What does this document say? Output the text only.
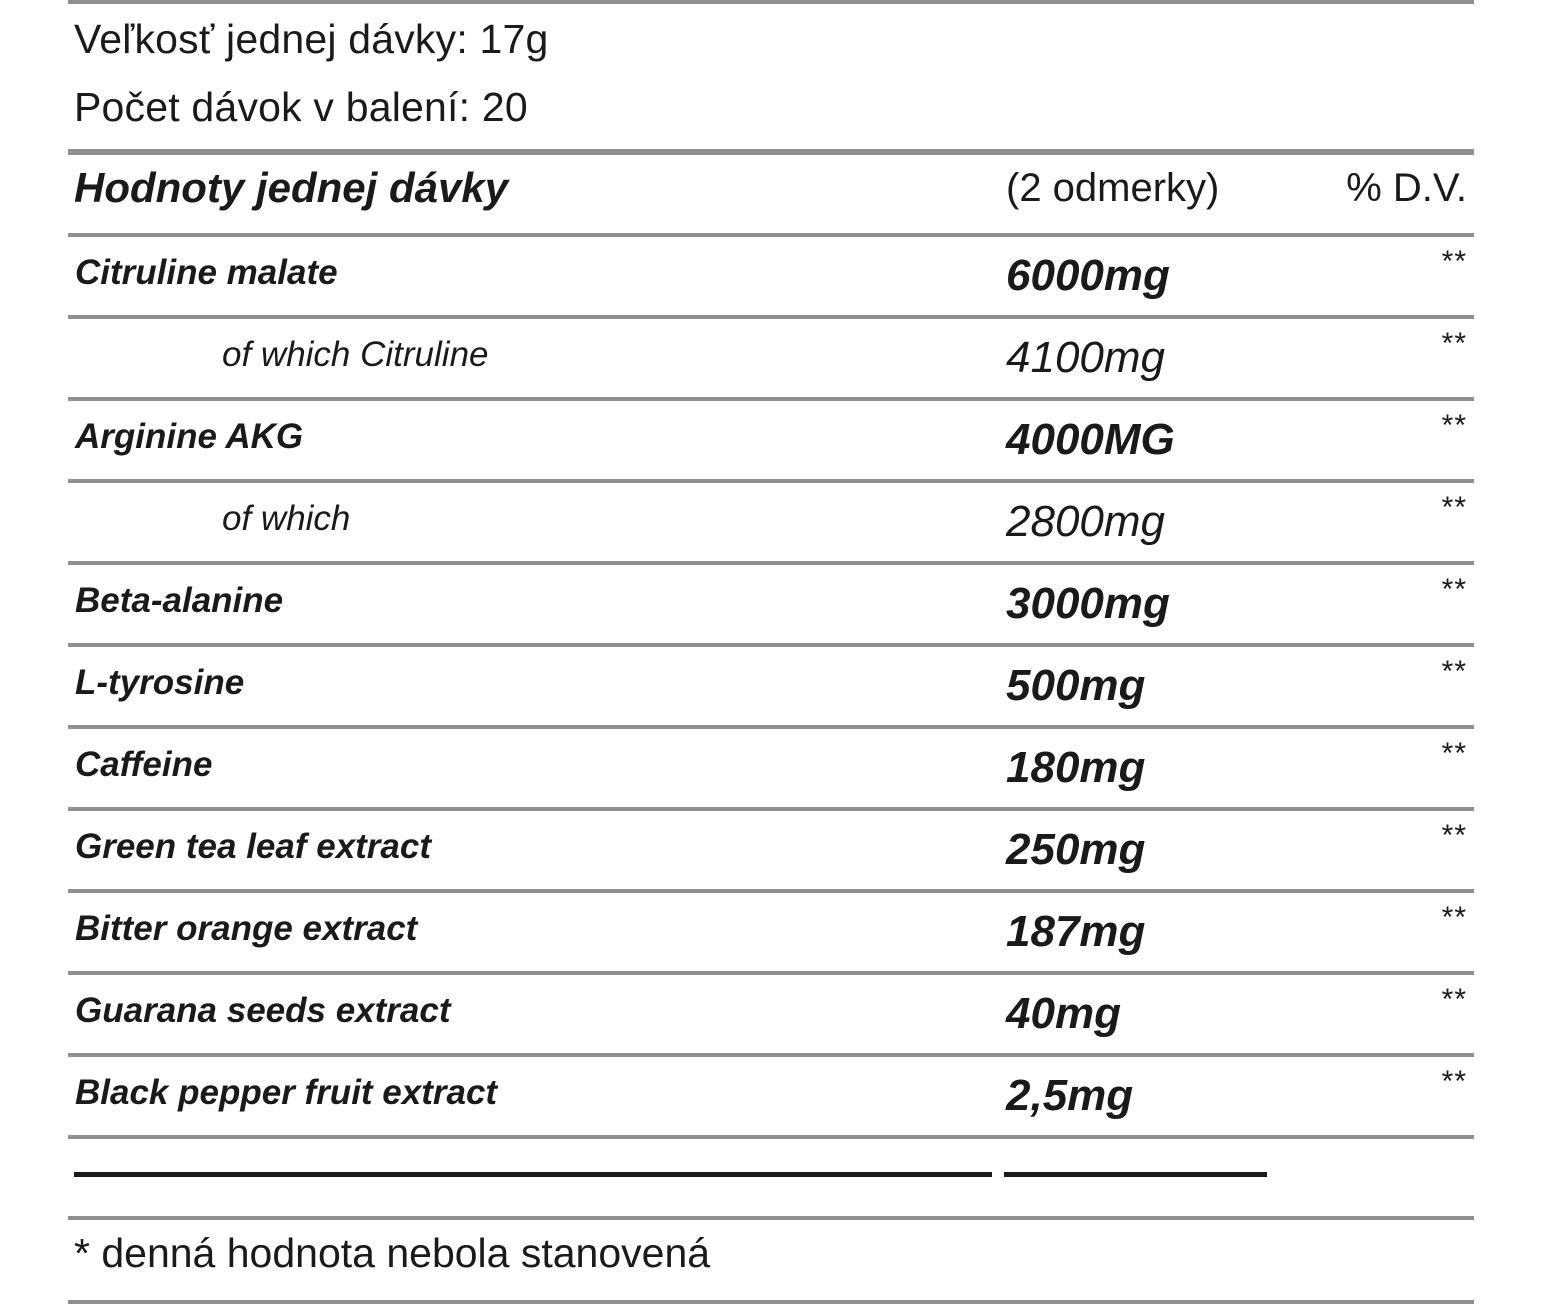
Veľkosť jednej dávky: 17g
Počet dávok v balení: 20
Hodnoty jednej dávky	(2 odmerky)	% D.V.
Citruline malate	6000mg	**
of which Citruline	4100mg	**
Arginine AKG	4000MG	**
of which	2800mg	**
Beta-alanine	3000mg	**
L-tyrosine	500mg	**
Caffeine	180mg	**
Green tea leaf extract	250mg	**
Bitter orange extract	187mg	**
Guarana seeds extract	40mg	**
Black pepper fruit extract	2,5mg	**
* denná hodnota nebola stanovená
